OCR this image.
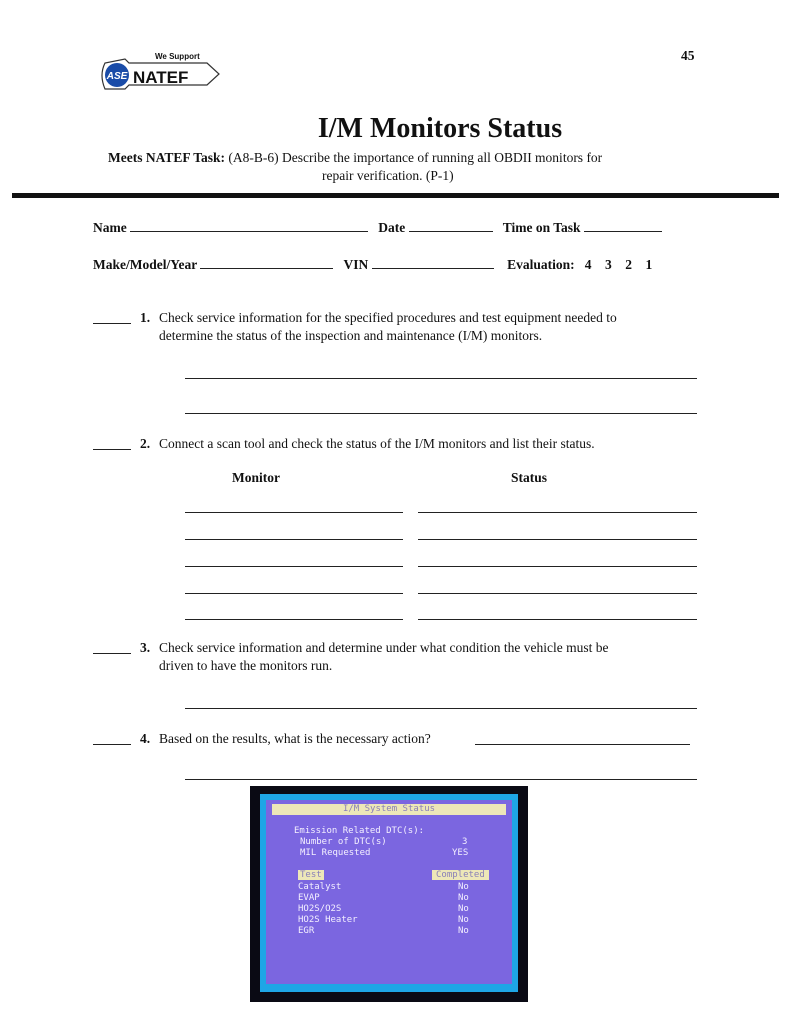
45
ASE NATEF
We Support
I/M Monitors Status
Meets NATEF Task: (A8-B-6) Describe the importance of running all OBDII monitors for
repair verification. (P-1)
Name	Date	Time on Task
Make/Model/Year	VIN	Evaluation: 4 3 2 1
1. Check service information for the specified procedures and test equipment needed to
determine the status of the inspection and maintenance (I/M) monitors.
2. Connect a scan tool and check the status of the I/M monitors and list their status.
Monitor	Status
3. Check service information and determine under what condition the vehicle must be
driven to have the monitors run.
4. Based on the results, what is the necessary action?
I/M System Status
Emission Related DTC(s):
Number of DTC(s)	3
MIL Requested	YES
Test	Completed
Catalyst	No
EVAP	No
HO2S/O2S	No
HO2S Heater	No
EGR	No
